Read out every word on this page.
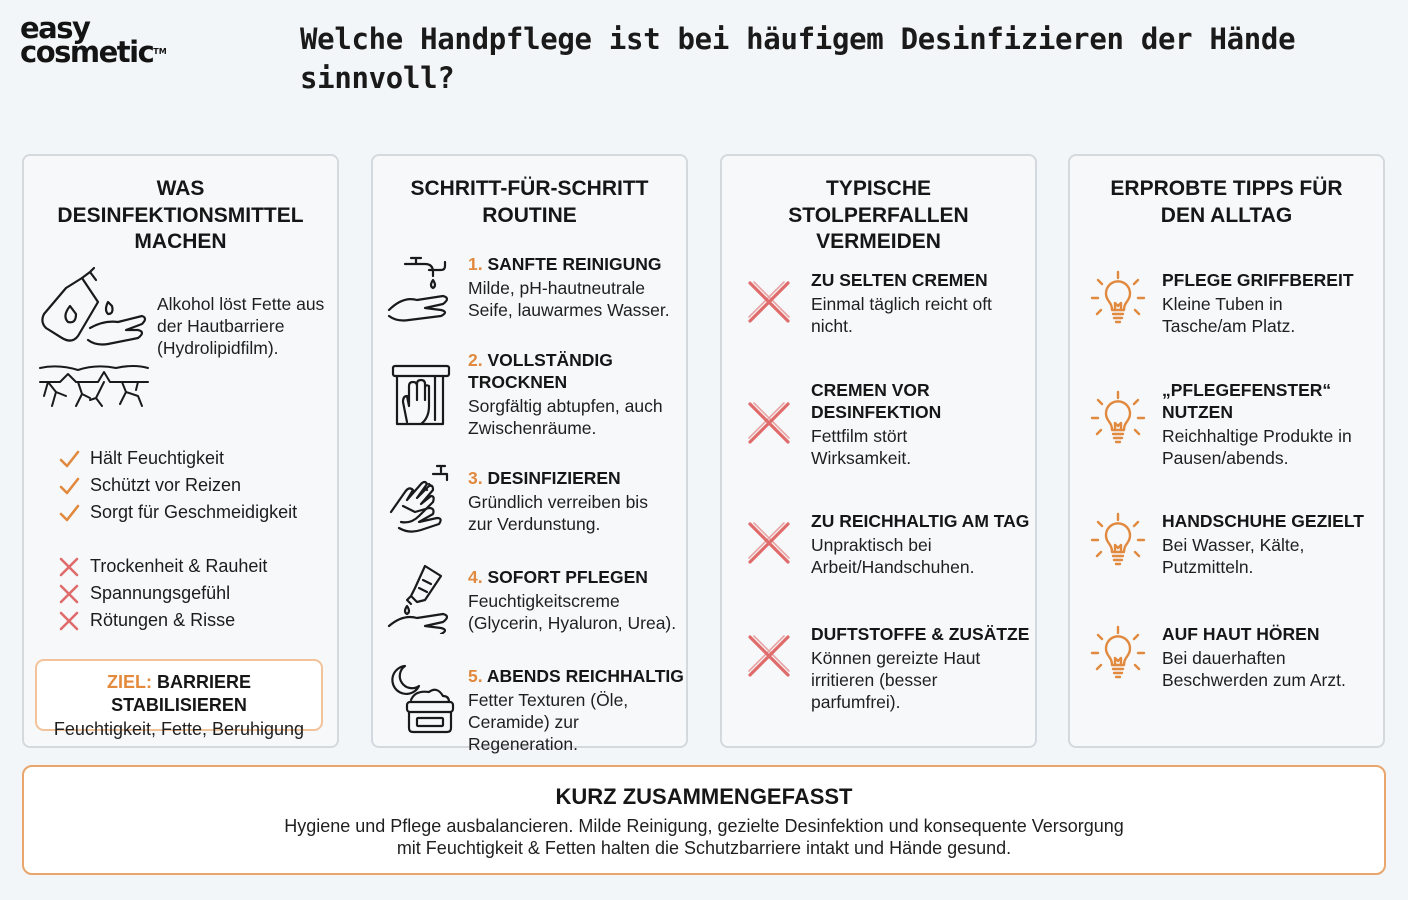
easy
cosmetic™	Welche Handpflege ist bei häufigem Desinfizieren der Hände sinnvoll?
WAS DESINFEKTIONSMITTEL MACHEN
Alkohol löst Fette aus der Hautbarriere (Hydrolipidfilm).
Hält Feuchtigkeit
Schützt vor Reizen
Sorgt für Geschmeidigkeit
Trockenheit & Rauheit
Spannungsgefühl
Rötungen & Risse
ZIEL: BARRIERE STABILISIEREN
Feuchtigkeit, Fette, Beruhigung
SCHRITT-FÜR-SCHRITT ROUTINE
1. SANFTE REINIGUNG
Milde, pH-hautneutrale Seife, lauwarmes Wasser.
2. VOLLSTÄNDIG TROCKNEN
Sorgfältig abtupfen, auch Zwischenräume.
3. DESINFIZIEREN
Gründlich verreiben bis zur Verdunstung.
4. SOFORT PFLEGEN
Feuchtigkeitscreme (Glycerin, Hyaluron, Urea).
5. ABENDS REICHHALTIG
Fetter Texturen (Öle, Ceramide) zur Regeneration.
TYPISCHE STOLPERFALLEN VERMEIDEN
ZU SELTEN CREMEN
Einmal täglich reicht oft nicht.
CREMEN VOR DESINFEKTION
Fettfilm stört Wirksamkeit.
ZU REICHHALTIG AM TAG
Unpraktisch bei Arbeit/Handschuhen.
DUFTSTOFFE & ZUSÄTZE
Können gereizte Haut irritieren (besser parfumfrei).
ERPROBTE TIPPS FÜR DEN ALLTAG
PFLEGE GRIFFBEREIT
Kleine Tuben in Tasche/am Platz.
„PFLEGEFENSTER“ NUTZEN
Reichhaltige Produkte in Pausen/abends.
HANDSCHUHE GEZIELT
Bei Wasser, Kälte, Putzmitteln.
AUF HAUT HÖREN
Bei dauerhaften Beschwerden zum Arzt.
KURZ ZUSAMMENGEFASST
Hygiene und Pflege ausbalancieren. Milde Reinigung, gezielte Desinfektion und konsequente Versorgung
mit Feuchtigkeit & Fetten halten die Schutzbarriere intakt und Hände gesund.
